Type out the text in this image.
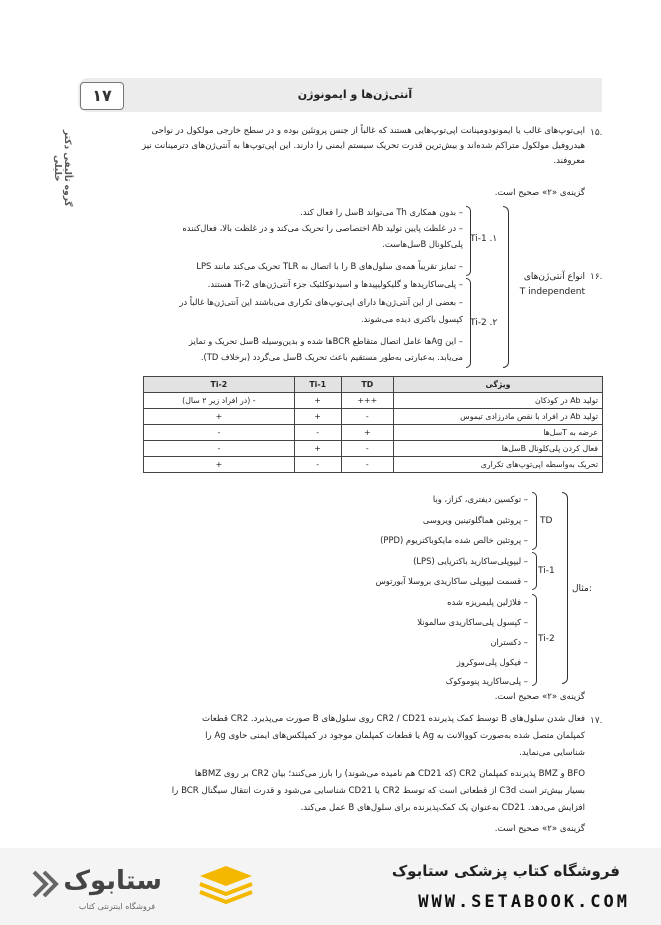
۱۷	آنتی‌ژن‌ها و ایمونوژن
گروه تألیفی دکتر خلیلی
۱۵.
اپی‌توپ‌های غالب یا ایمونودومینانت اپی‌توپ‌هایی هستند که غالباً از جنس پروتئین بوده و در سطح خارجی مولکول در نواحی هیدروفیل مولکول متراکم شده‌اند و بیش‌ترین قدرت تحریک سیستم ایمنی را دارند. این اپی‌توپ‌ها به آنتی‌ژن‌های دترمینانت نیز معروفند.
گزینه‌ی «۲» صحیح است.
۱۶.
انواع آنتی‌ژن‌های
T independent
Ti-1 .۱
Ti-2 .۲
– بدون همکاری Th می‌تواند Bسل را فعال کند.
– در غلظت پایین تولید Ab اختصاصی را تحریک می‌کند و در غلظت بالا، فعال‌کننده
پلی‌کلونال Bسل‌هاست.
– تمایز تقریباً همه‌ی سلول‌های B را با اتصال به TLR تحریک می‌کند مانند LPS
– پلی‌ساکاریدها و گلیکولیپیدها و اسیدنوکلئیک جزء آنتی‌ژن‌های Ti-2 هستند.
– بعضی از این آنتی‌ژن‌ها دارای اپی‌توپ‌های تکراری می‌باشند این آنتی‌ژن‌ها غالباً در
کپسول باکتری دیده می‌شوند.
– این Agها عامل اتصال متقاطع BCRها شده و بدین‌وسیله Bسل تحریک و تمایز
می‌یابد. به‌عبارتی به‌طور مستقیم باعث تحریک Bسل می‌گردد (برخلاف TD).
ویژگی	TD	Ti-1	Ti-2
تولید Ab در کودکان	+++	+	- (در افراد زیر ۲ سال)
تولید Ab در افراد با نقص مادرزادی تیموس	-	+	+
عرضه به Tسل‌ها	+	-	-
فعال کردن پلی‌کلونال Bسل‌ها	-	+	-
تحریک به‌واسطه اپی‌توپ‌های تکراری	-	-	+
مثال:
TD
Ti-1
Ti-2
– توکسین دیفتری، کزاز، وبا
– پروتئین هماگلوتینین ویروسی
– پروتئین خالص شده مایکوباکتریوم (PPD)
– لیپوپلی‌ساکارید باکتریایی (LPS)
– قسمت لیپوپلی ساکاریدی بروسلا آبورتوس
– فلاژلین پلیمریزه شده
– کپسول پلی‌ساکاریدی سالمونلا
– دکستران
– فیکول پلی‌سوکروز
– پلی‌ساکارید پنوموکوک
گزینه‌ی «۲» صحیح است.
۱۷.
فعال شدن سلول‌های B توسط کمک پذیرنده CR2 / CD21 روی سلول‌های B صورت می‌پذیرد. CR2 قطعات
کمپلمان متصل شده به‌صورت کووالانت به Ag یا قطعات کمپلمان موجود در کمپلکس‌های ایمنی حاوی Ag را
شناسایی می‌نماید.
BFO و BMZ پذیرنده کمپلمان CR2 (که CD21 هم نامیده می‌شوند) را بارز می‌کنند؛ بیان CR2 بر روی BMZها
بسیار بیش‌تر است C3d از قطعاتی است که توسط CR2 یا CD21 شناسایی می‌شود و قدرت انتقال سیگنال BCR را
افزایش می‌دهد. CD21 به‌عنوان یک کمک‌پذیرنده برای سلول‌های B عمل می‌کند.
گزینه‌ی «۲» صحیح است.
ستابوک
فروشگاه اینترنتی کتاب
فروشگاه کتاب پزشکی ستابوک
WWW.SETABOOK.COM
